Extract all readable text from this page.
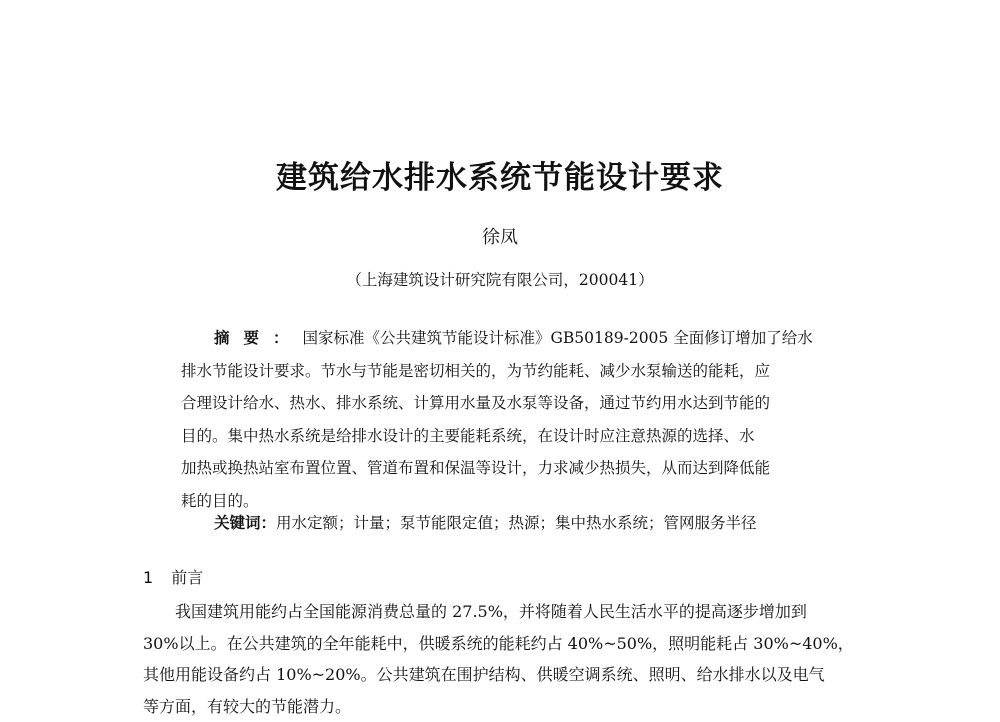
建筑给水排水系统节能设计要求
徐凤
（上海建筑设计研究院有限公司，200041）
摘要：国家标准《公共建筑节能设计标准》GB50189-2005 全面修订增加了给水
排水节能设计要求。节水与节能是密切相关的，为节约能耗、减少水泵输送的能耗，应
合理设计给水、热水、排水系统、计算用水量及水泵等设备，通过节约用水达到节能的
目的。集中热水系统是给排水设计的主要能耗系统，在设计时应注意热源的选择、水
加热或换热站室布置位置、管道布置和保温等设计，力求减少热损失，从而达到降低能
耗的目的。
关键词：用水定额；计量；泵节能限定值；热源；集中热水系统；管网服务半径
1 前言
我国建筑用能约占全国能源消费总量的 27.5%，并将随着人民生活水平的提高逐步增加到
30%以上。在公共建筑的全年能耗中，供暖系统的能耗约占 40%~50%，照明能耗占 30%~40%，
其他用能设备约占 10%~20%。公共建筑在围护结构、供暖空调系统、照明、给水排水以及电气
等方面，有较大的节能潜力。
